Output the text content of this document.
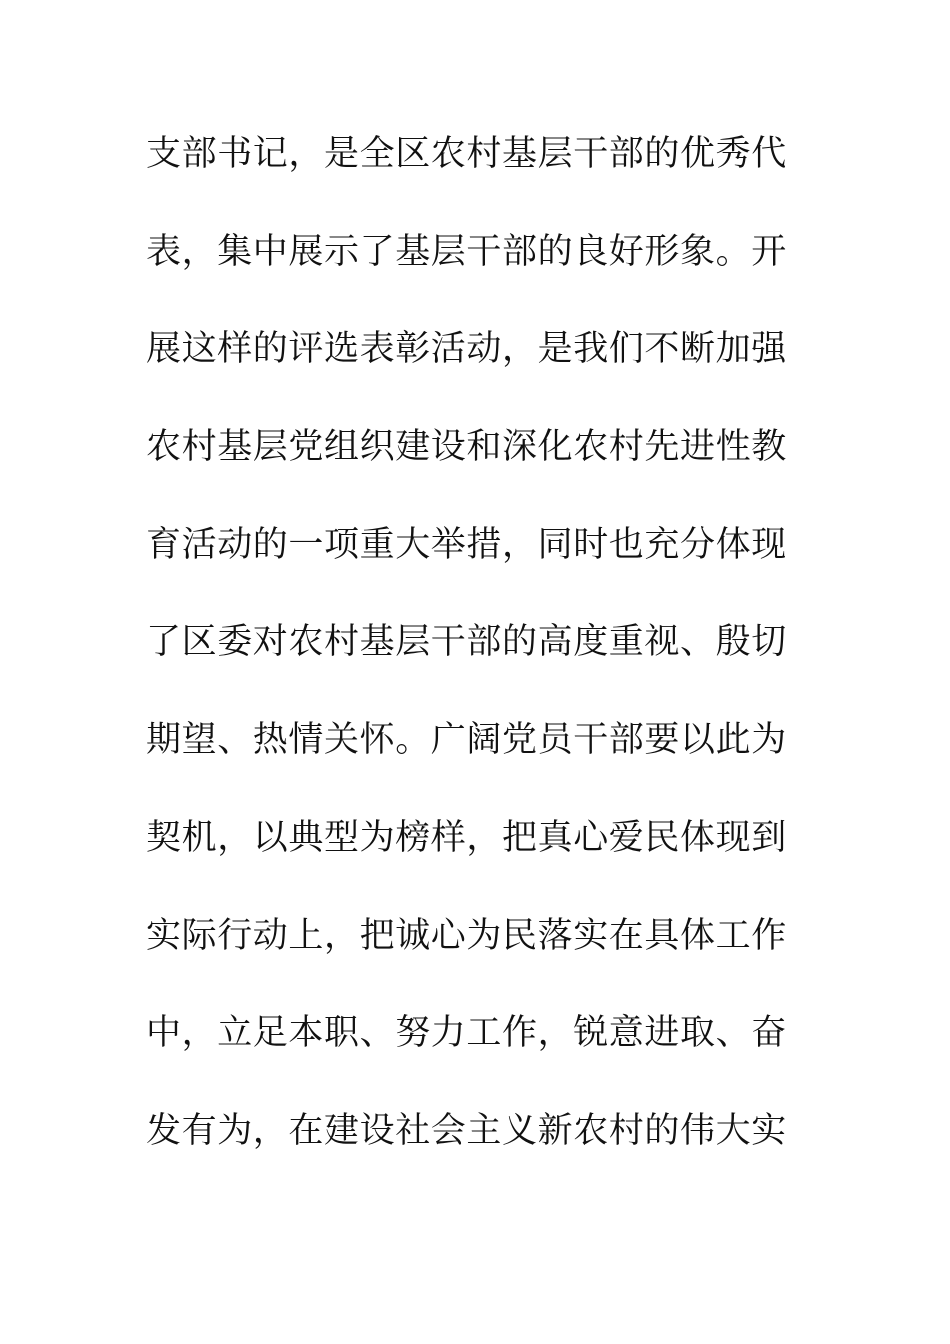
支部书记，是全区农村基层干部的优秀代
表，集中展示了基层干部的良好形象。开
展这样的评选表彰活动，是我们不断加强
农村基层党组织建设和深化农村先进性教
育活动的一项重大举措，同时也充分体现
了区委对农村基层干部的高度重视、殷切
期望、热情关怀。广阔党员干部要以此为
契机，以典型为榜样，把真心爱民体现到
实际行动上，把诚心为民落实在具体工作
中，立足本职、努力工作，锐意进取、奋
发有为，在建设社会主义新农村的伟大实
